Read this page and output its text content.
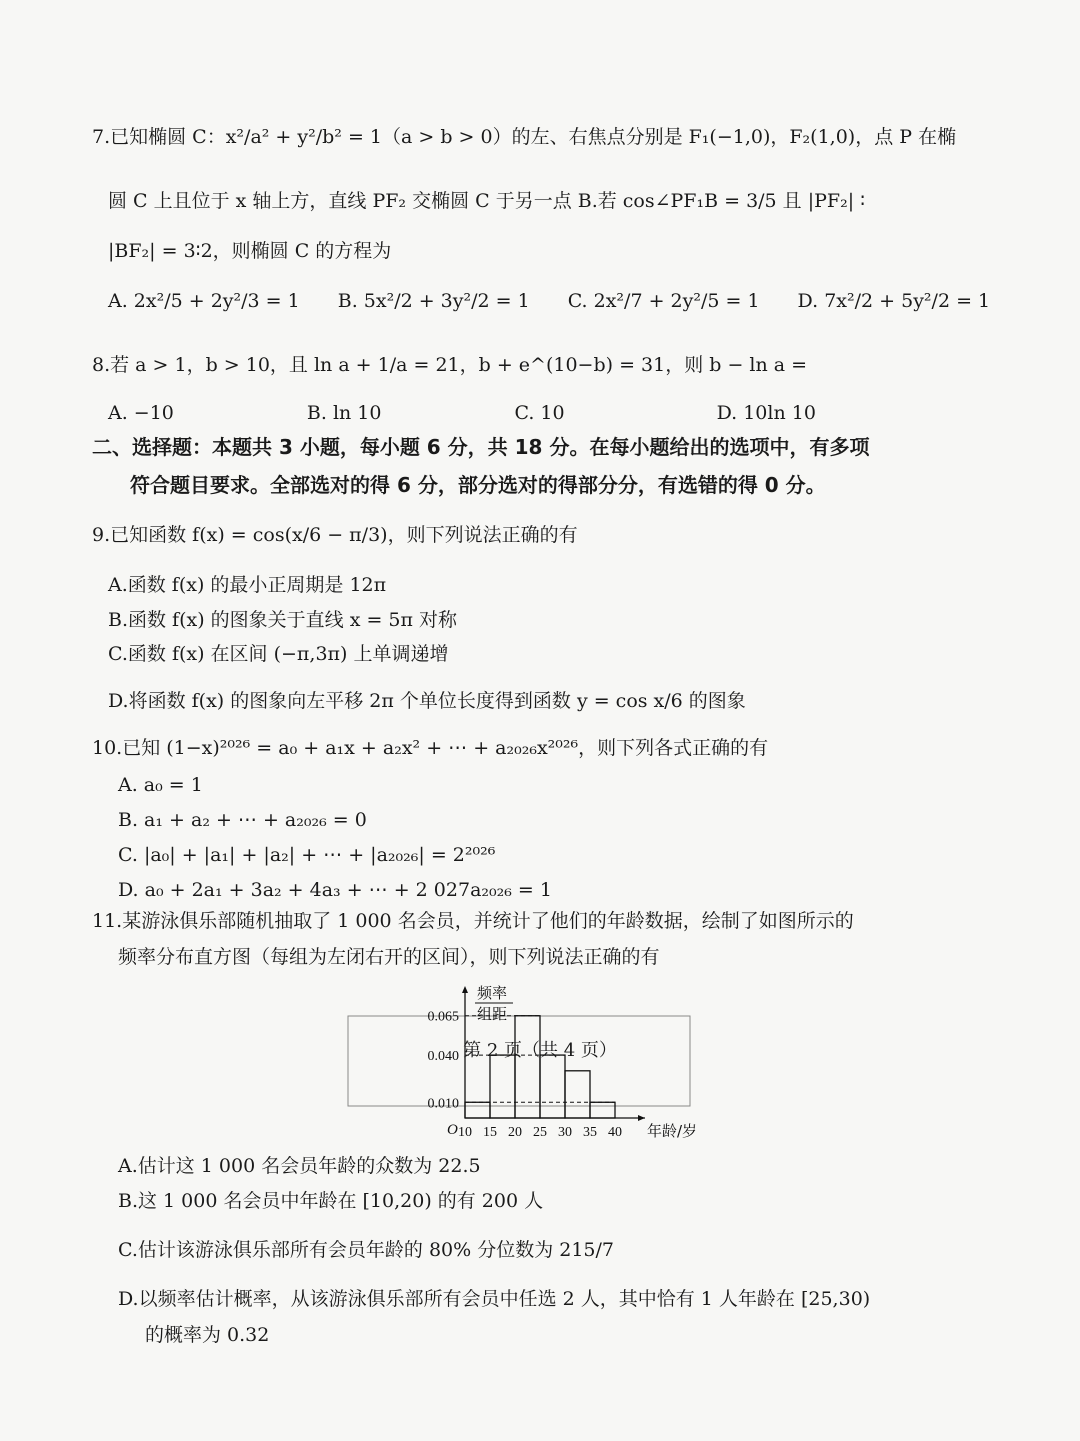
7.已知椭圆 C：x²/a² + y²/b² = 1（a > b > 0）的左、右焦点分别是 F₁(−1,0)，F₂(1,0)，点 P 在椭
圆 C 上且位于 x 轴上方，直线 PF₂ 交椭圆 C 于另一点 B.若 cos∠PF₁B = 3/5 且 |PF₂| ∶
|BF₂| = 3∶2，则椭圆 C 的方程为
A. 2x²/5 + 2y²/3 = 1　　B. 5x²/2 + 3y²/2 = 1　　C. 2x²/7 + 2y²/5 = 1　　D. 7x²/2 + 5y²/2 = 1
8.若 a > 1，b > 10，且 ln a + 1/a = 21，b + e^(10−b) = 31，则 b − ln a =
A. −10　　　　　　　B. ln 10　　　　　　　C. 10　　　　　　　　D. 10ln 10
二、选择题：本题共 3 小题，每小题 6 分，共 18 分。在每小题给出的选项中，有多项
符合题目要求。全部选对的得 6 分，部分选对的得部分分，有选错的得 0 分。
9.已知函数 f(x) = cos(x/6 − π/3)，则下列说法正确的有
A.函数 f(x) 的最小正周期是 12π
B.函数 f(x) 的图象关于直线 x = 5π 对称
C.函数 f(x) 在区间 (−π,3π) 上单调递增
D.将函数 f(x) 的图象向左平移 2π 个单位长度得到函数 y = cos x/6 的图象
10.已知 (1−x)²⁰²⁶ = a₀ + a₁x + a₂x² + ⋯ + a₂₀₂₆x²⁰²⁶，则下列各式正确的有
A. a₀ = 1
B. a₁ + a₂ + ⋯ + a₂₀₂₆ = 0
C. |a₀| + |a₁| + |a₂| + ⋯ + |a₂₀₂₆| = 2²⁰²⁶
D. a₀ + 2a₁ + 3a₂ + 4a₃ + ⋯ + 2 027a₂₀₂₆ = 1
11.某游泳俱乐部随机抽取了 1 000 名会员，并统计了他们的年龄数据，绘制了如图所示的
频率分布直方图（每组为左闭右开的区间），则下列说法正确的有
A.估计这 1 000 名会员年龄的众数为 22.5
B.这 1 000 名会员中年龄在 [10,20) 的有 200 人
C.估计该游泳俱乐部所有会员年龄的 80% 分位数为 215/7
D.以频率估计概率，从该游泳俱乐部所有会员中任选 2 人，其中恰有 1 人年龄在 [25,30)
的概率为 0.32
0.065
0.040
0.010
10 15 20 25 30 35 40
O
频率
组距
年龄/岁
第 2 页（共 4 页）
